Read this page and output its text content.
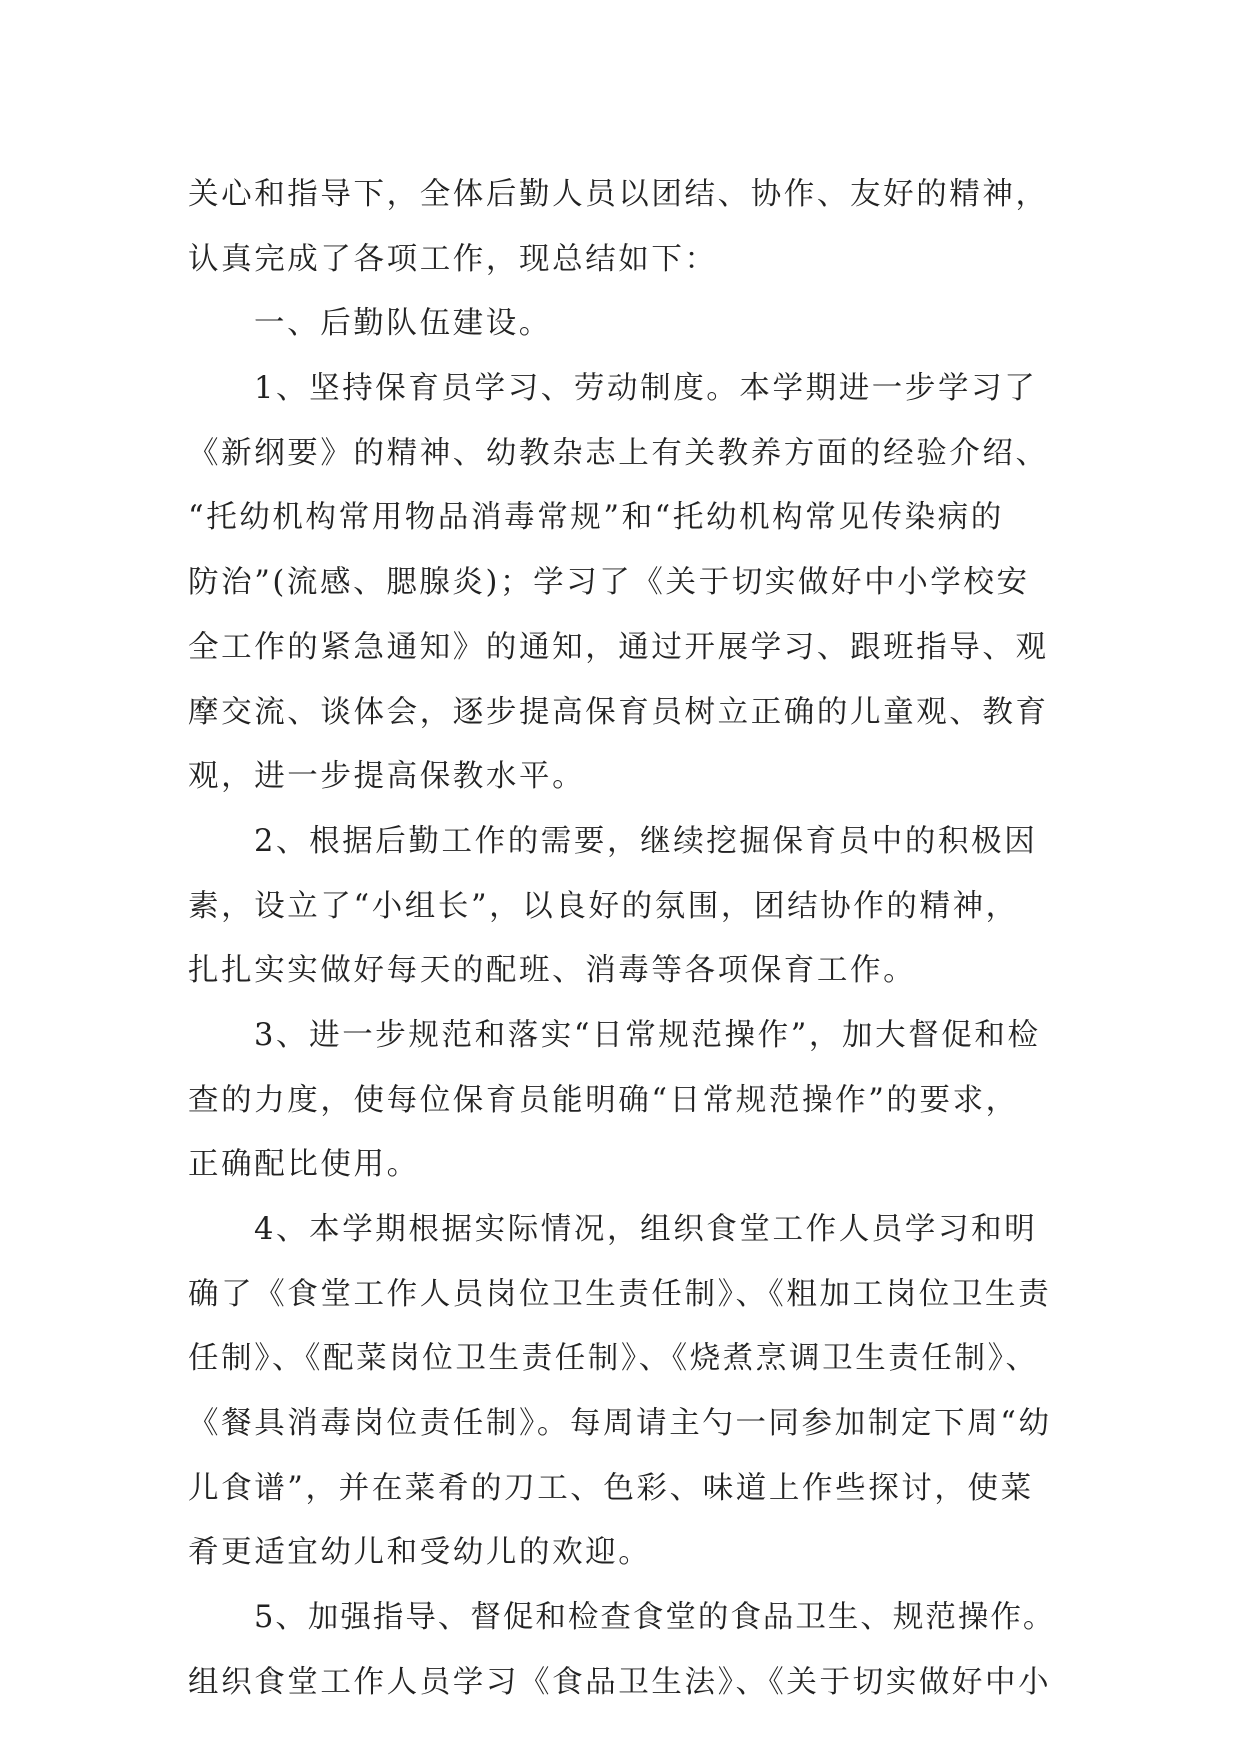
关心和指导下，全体后勤人员以团结、协作、友好的精神，
认真完成了各项工作，现总结如下：
一、后勤队伍建设。
1、坚持保育员学习、劳动制度。本学期进一步学习了
《新纲要》的精神、幼教杂志上有关教养方面的经验介绍、
“托幼机构常用物品消毒常规”和“托幼机构常见传染病的
防治”(流感、腮腺炎)；学习了《关于切实做好中小学校安
全工作的紧急通知》的通知，通过开展学习、跟班指导、观
摩交流、谈体会，逐步提高保育员树立正确的儿童观、教育
观，进一步提高保教水平。
2、根据后勤工作的需要，继续挖掘保育员中的积极因
素，设立了“小组长”，以良好的氛围，团结协作的精神，
扎扎实实做好每天的配班、消毒等各项保育工作。
3、进一步规范和落实“日常规范操作”，加大督促和检
查的力度，使每位保育员能明确“日常规范操作”的要求，
正确配比使用。
4、本学期根据实际情况，组织食堂工作人员学习和明
确了《食堂工作人员岗位卫生责任制》、《粗加工岗位卫生责
任制》、《配菜岗位卫生责任制》、《烧煮烹调卫生责任制》、
《餐具消毒岗位责任制》。每周请主勺一同参加制定下周“幼
儿食谱”，并在菜肴的刀工、色彩、味道上作些探讨，使菜
肴更适宜幼儿和受幼儿的欢迎。
5、加强指导、督促和检查食堂的食品卫生、规范操作。
组织食堂工作人员学习《食品卫生法》、《关于切实做好中小
